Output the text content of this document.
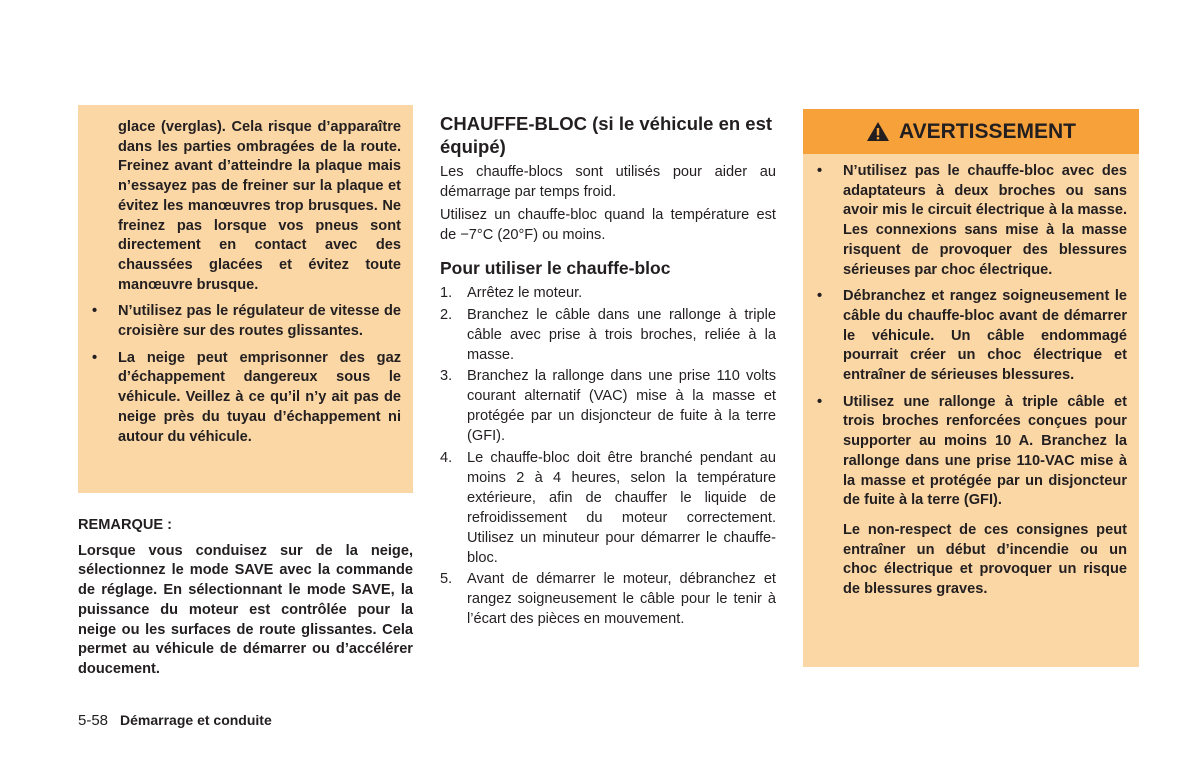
glace (verglas). Cela risque d’apparaître dans les parties ombragées de la route. Freinez avant d’atteindre la plaque mais n’essayez pas de freiner sur la plaque et évitez les manœuvres trop brusques. Ne freinez pas lorsque vos pneus sont directement en contact avec des chaussées glacées et évitez toute manœuvre brusque.
• N’utilisez pas le régulateur de vitesse de croisière sur des routes glissantes.
• La neige peut emprisonner des gaz d’échappement dangereux sous le véhicule. Veillez à ce qu’il n’y ait pas de neige près du tuyau d’échappement ni autour du véhicule.

REMARQUE :

Lorsque vous conduisez sur de la neige, sélectionnez le mode SAVE avec la commande de réglage. En sélectionnant le mode SAVE, la puissance du moteur est contrôlée pour la neige ou les surfaces de route glissantes. Cela permet au véhicule de démarrer ou d’accélérer doucement.

CHAUFFE-BLOC (si le véhicule en est équipé)

Les chauffe-blocs sont utilisés pour aider au démarrage par temps froid.

Utilisez un chauffe-bloc quand la température est de −7°C (20°F) ou moins.

Pour utiliser le chauffe-bloc
1. Arrêtez le moteur.
2. Branchez le câble dans une rallonge à triple câble avec prise à trois broches, reliée à la masse.
3. Branchez la rallonge dans une prise 110 volts courant alternatif (VAC) mise à la masse et protégée par un disjoncteur de fuite à la terre (GFI).
4. Le chauffe-bloc doit être branché pendant au moins 2 à 4 heures, selon la température extérieure, afin de chauffer le liquide de refroidissement du moteur correctement. Utilisez un minuteur pour démarrer le chauffe-bloc.
5. Avant de démarrer le moteur, débranchez et rangez soigneusement le câble pour le tenir à l’écart des pièces en mouvement.
AVERTISSEMENT
• N’utilisez pas le chauffe-bloc avec des adaptateurs à deux broches ou sans avoir mis le circuit électrique à la masse. Les connexions sans mise à la masse risquent de provoquer des blessures sérieuses par choc électrique.
• Débranchez et rangez soigneusement le câble du chauffe-bloc avant de démarrer le véhicule. Un câble endommagé pourrait créer un choc électrique et entraîner de sérieuses blessures.
• Utilisez une rallonge à triple câble et trois broches renforcées conçues pour supporter au moins 10 A. Branchez la rallonge dans une prise 110-VAC mise à la masse et protégée par un disjoncteur de fuite à la terre (GFI).
Le non-respect de ces consignes peut entraîner un début d’incendie ou un choc électrique et provoquer un risque de blessures graves.
5-58 Démarrage et conduite
